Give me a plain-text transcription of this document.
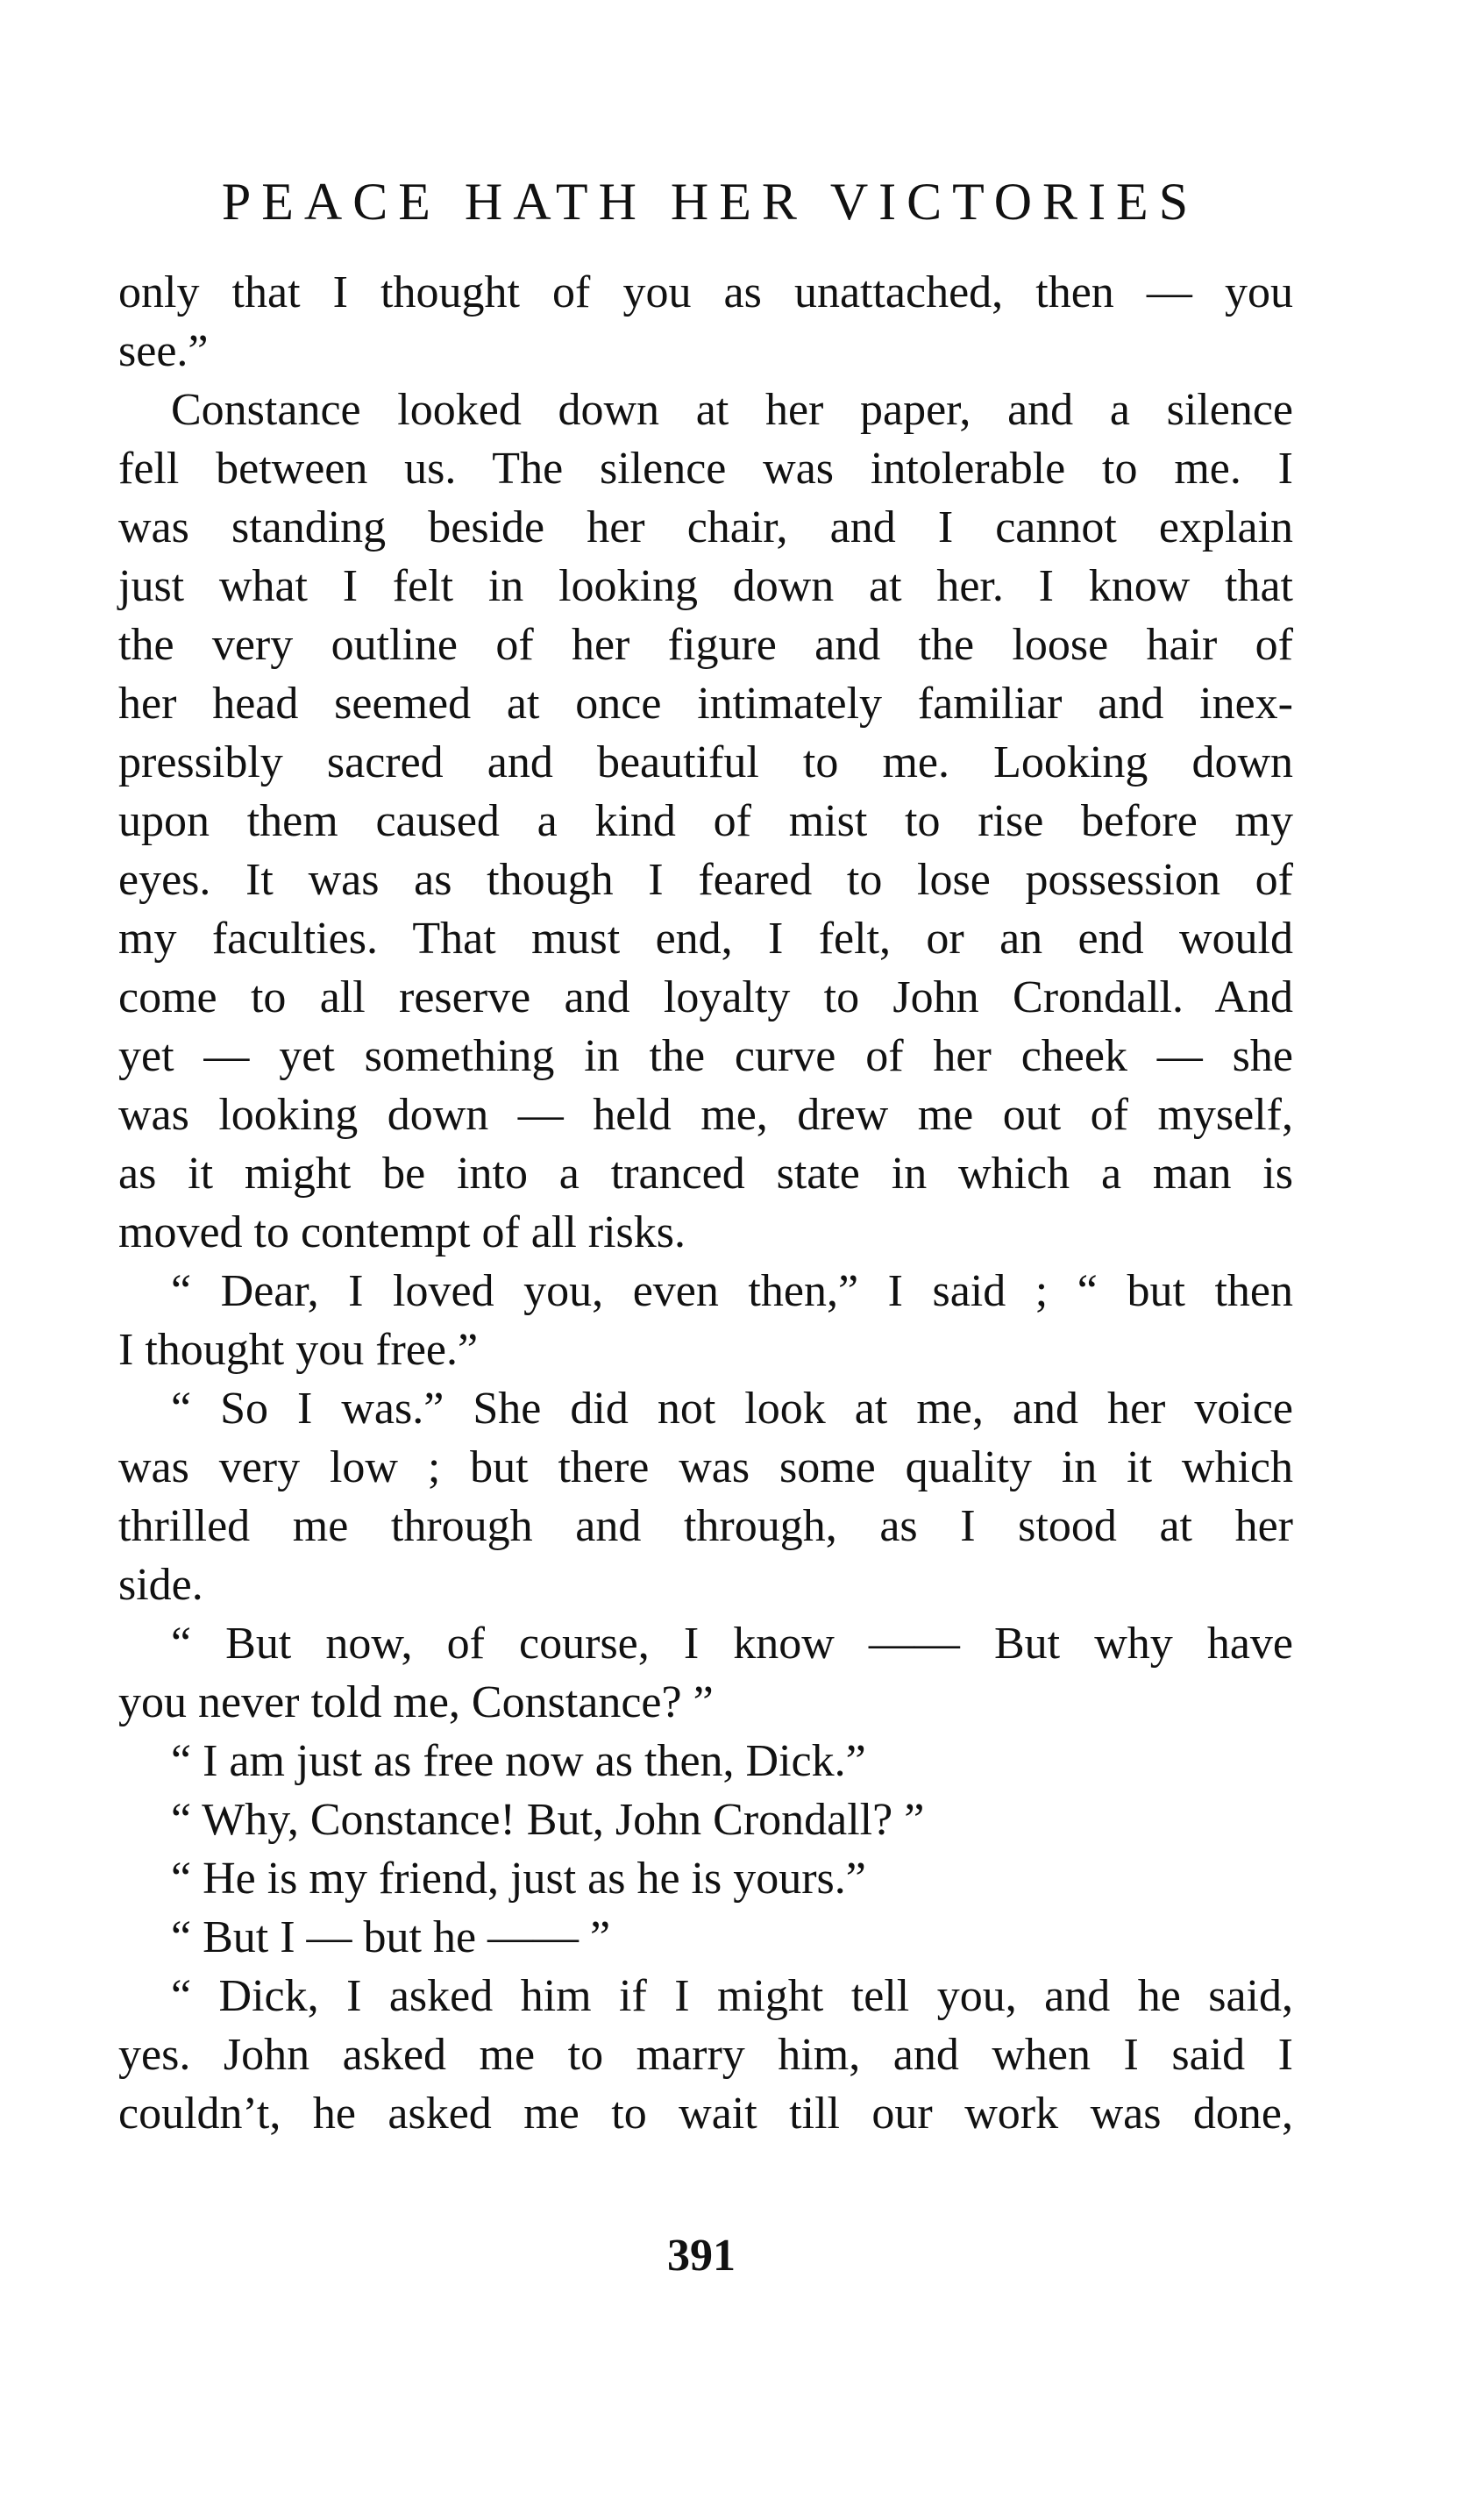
PEACE HATH HER VICTORIES
only that I thought of you as unattached, then — you
see.”
Constance looked down at her paper, and a silence
fell between us. The silence was intolerable to me. I
was standing beside her chair, and I cannot explain
just what I felt in looking down at her. I know that
the very outline of her figure and the loose hair of
her head seemed at once intimately familiar and inex-
pressibly sacred and beautiful to me. Looking down
upon them caused a kind of mist to rise before my
eyes. It was as though I feared to lose possession of
my faculties. That must end, I felt, or an end would
come to all reserve and loyalty to John Crondall. And
yet — yet something in the curve of her cheek — she
was looking down — held me, drew me out of myself,
as it might be into a tranced state in which a man is
moved to contempt of all risks.
“ Dear, I loved you, even then,” I said ; “ but then
I thought you free.”
“ So I was.” She did not look at me, and her voice
was very low ; but there was some quality in it which
thrilled me through and through, as I stood at her
side.
“ But now, of course, I know —— But why have
you never told me, Constance? ”
“ I am just as free now as then, Dick.”
“ Why, Constance! But, John Crondall? ”
“ He is my friend, just as he is yours.”
“ But I — but he —— ”
“ Dick, I asked him if I might tell you, and he said,
yes. John asked me to marry him, and when I said I
couldn’t, he asked me to wait till our work was done,
391
